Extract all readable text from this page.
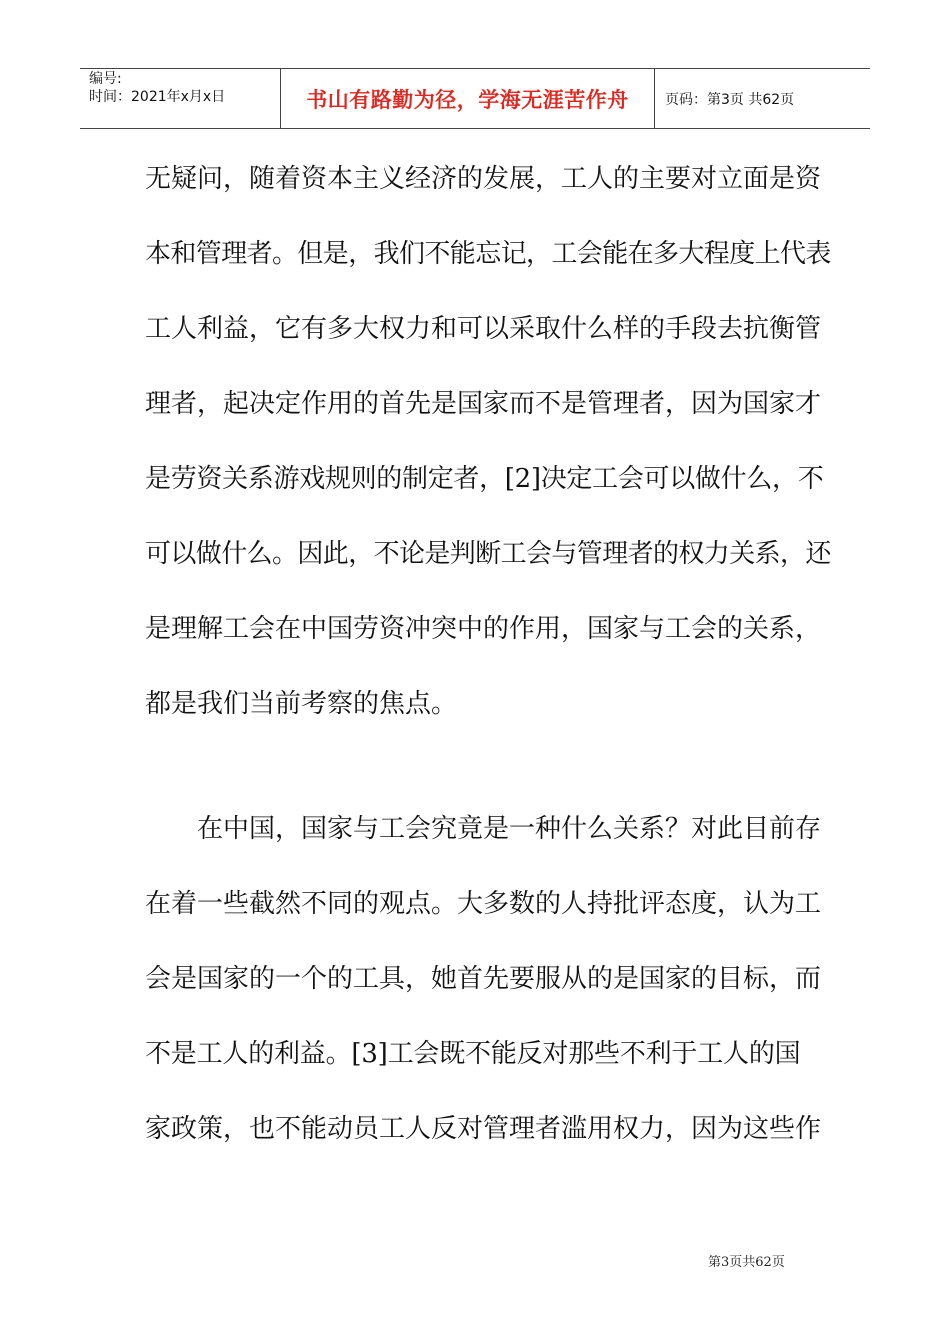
编号:
时间：2021年x月x日	书山有路勤为径，学海无涯苦作舟	页码：第3页 共62页
无疑问，随着资本主义经济的发展，工人的主要对立面是资
本和管理者。但是，我们不能忘记，工会能在多大程度上代表
工人利益，它有多大权力和可以采取什么样的手段去抗衡管
理者，起决定作用的首先是国家而不是管理者，因为国家才
是劳资关系游戏规则的制定者，[2]决定工会可以做什么，不
可以做什么。因此，不论是判断工会与管理者的权力关系，还
是理解工会在中国劳资冲突中的作用，国家与工会的关系，
都是我们当前考察的焦点。
在中国，国家与工会究竟是一种什么关系？对此目前存
在着一些截然不同的观点。大多数的人持批评态度，认为工
会是国家的一个的工具，她首先要服从的是国家的目标，而
不是工人的利益。[3]工会既不能反对那些不利于工人的国
家政策，也不能动员工人反对管理者滥用权力，因为这些作
第3页共62页
